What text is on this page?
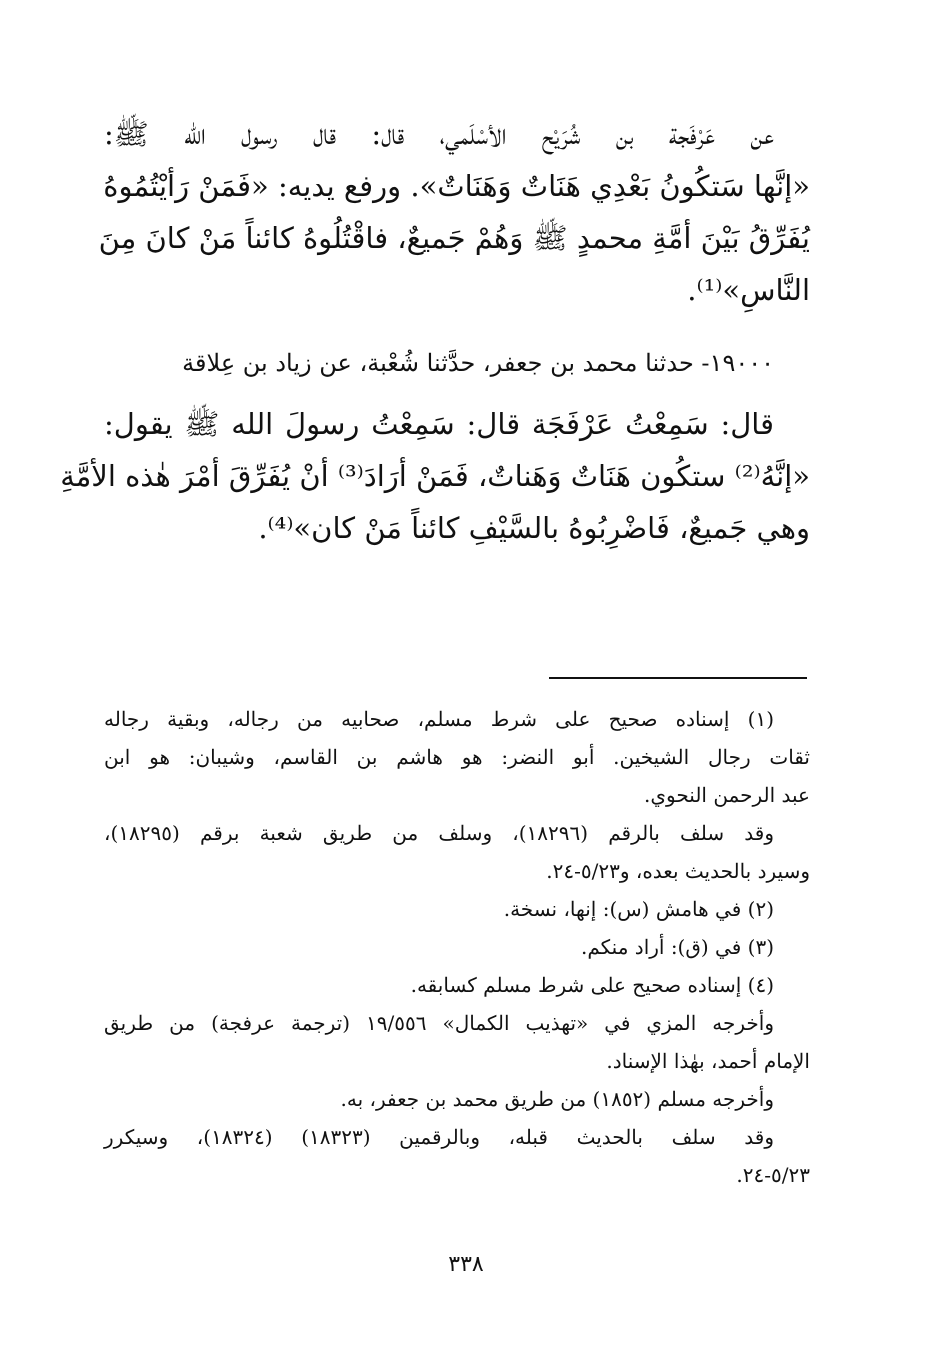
عن عَرْفَجة بن شُرَيْح الأسْلَمي، قال: قال رسول الله ﷺ:
«إنَّها سَتكُونُ بَعْدِي هَنَاتٌ وَهَنَاتٌ». ورفع يديه: «فَمَنْ رَأيْتُمُوهُ
يُفَرِّقُ بَيْنَ أمَّةِ محمدٍ ﷺ وَهُمْ جَميعٌ، فاقْتُلُوهُ كائناً مَنْ كانَ مِنَ
النَّاسِ»⁽¹⁾.
١٩٠٠٠- حدثنا محمد بن جعفر، حدَّثنا شُعْبة، عن زياد بن عِلاقة
قال: سَمِعْتُ عَرْفَجَة قال: سَمِعْتُ رسولَ الله ﷺ يقول:
«إنَّهُ⁽²⁾ ستكُون هَنَاتٌ وَهَناتٌ، فَمَنْ أرَادَ⁽³⁾ أنْ يُفَرِّقَ أمْرَ هٰذه الأمَّةِ
وهي جَميعٌ، فَاضْرِبُوهُ بالسَّيْفِ كائناً مَنْ كان»⁽⁴⁾.
(١) إسناده صحيح على شرط مسلم، صحابيه من رجاله، وبقية رجاله
ثقات رجال الشيخين. أبو النضر: هو هاشم بن القاسم، وشيبان: هو ابن
عبد الرحمن النحوي.
وقد سلف بالرقم (١٨٢٩٦)، وسلف من طريق شعبة برقم (١٨٢٩٥)،
وسيرد بالحديث بعده، و٥/٢٣-٢٤.
(٢) في هامش (س): إنها، نسخة.
(٣) في (ق): أراد منكم.
(٤) إسناده صحيح على شرط مسلم كسابقه.
وأخرجه المزي في «تهذيب الكمال» ١٩/٥٥٦ (ترجمة عرفجة) من طريق
الإمام أحمد، بهٰذا الإسناد.
وأخرجه مسلم (١٨٥٢) من طريق محمد بن جعفر، به.
وقد سلف بالحديث قبله، وبالرقمين (١٨٣٢٣) (١٨٣٢٤)، وسيكرر
٥/٢٣-٢٤.
٣٣٨
